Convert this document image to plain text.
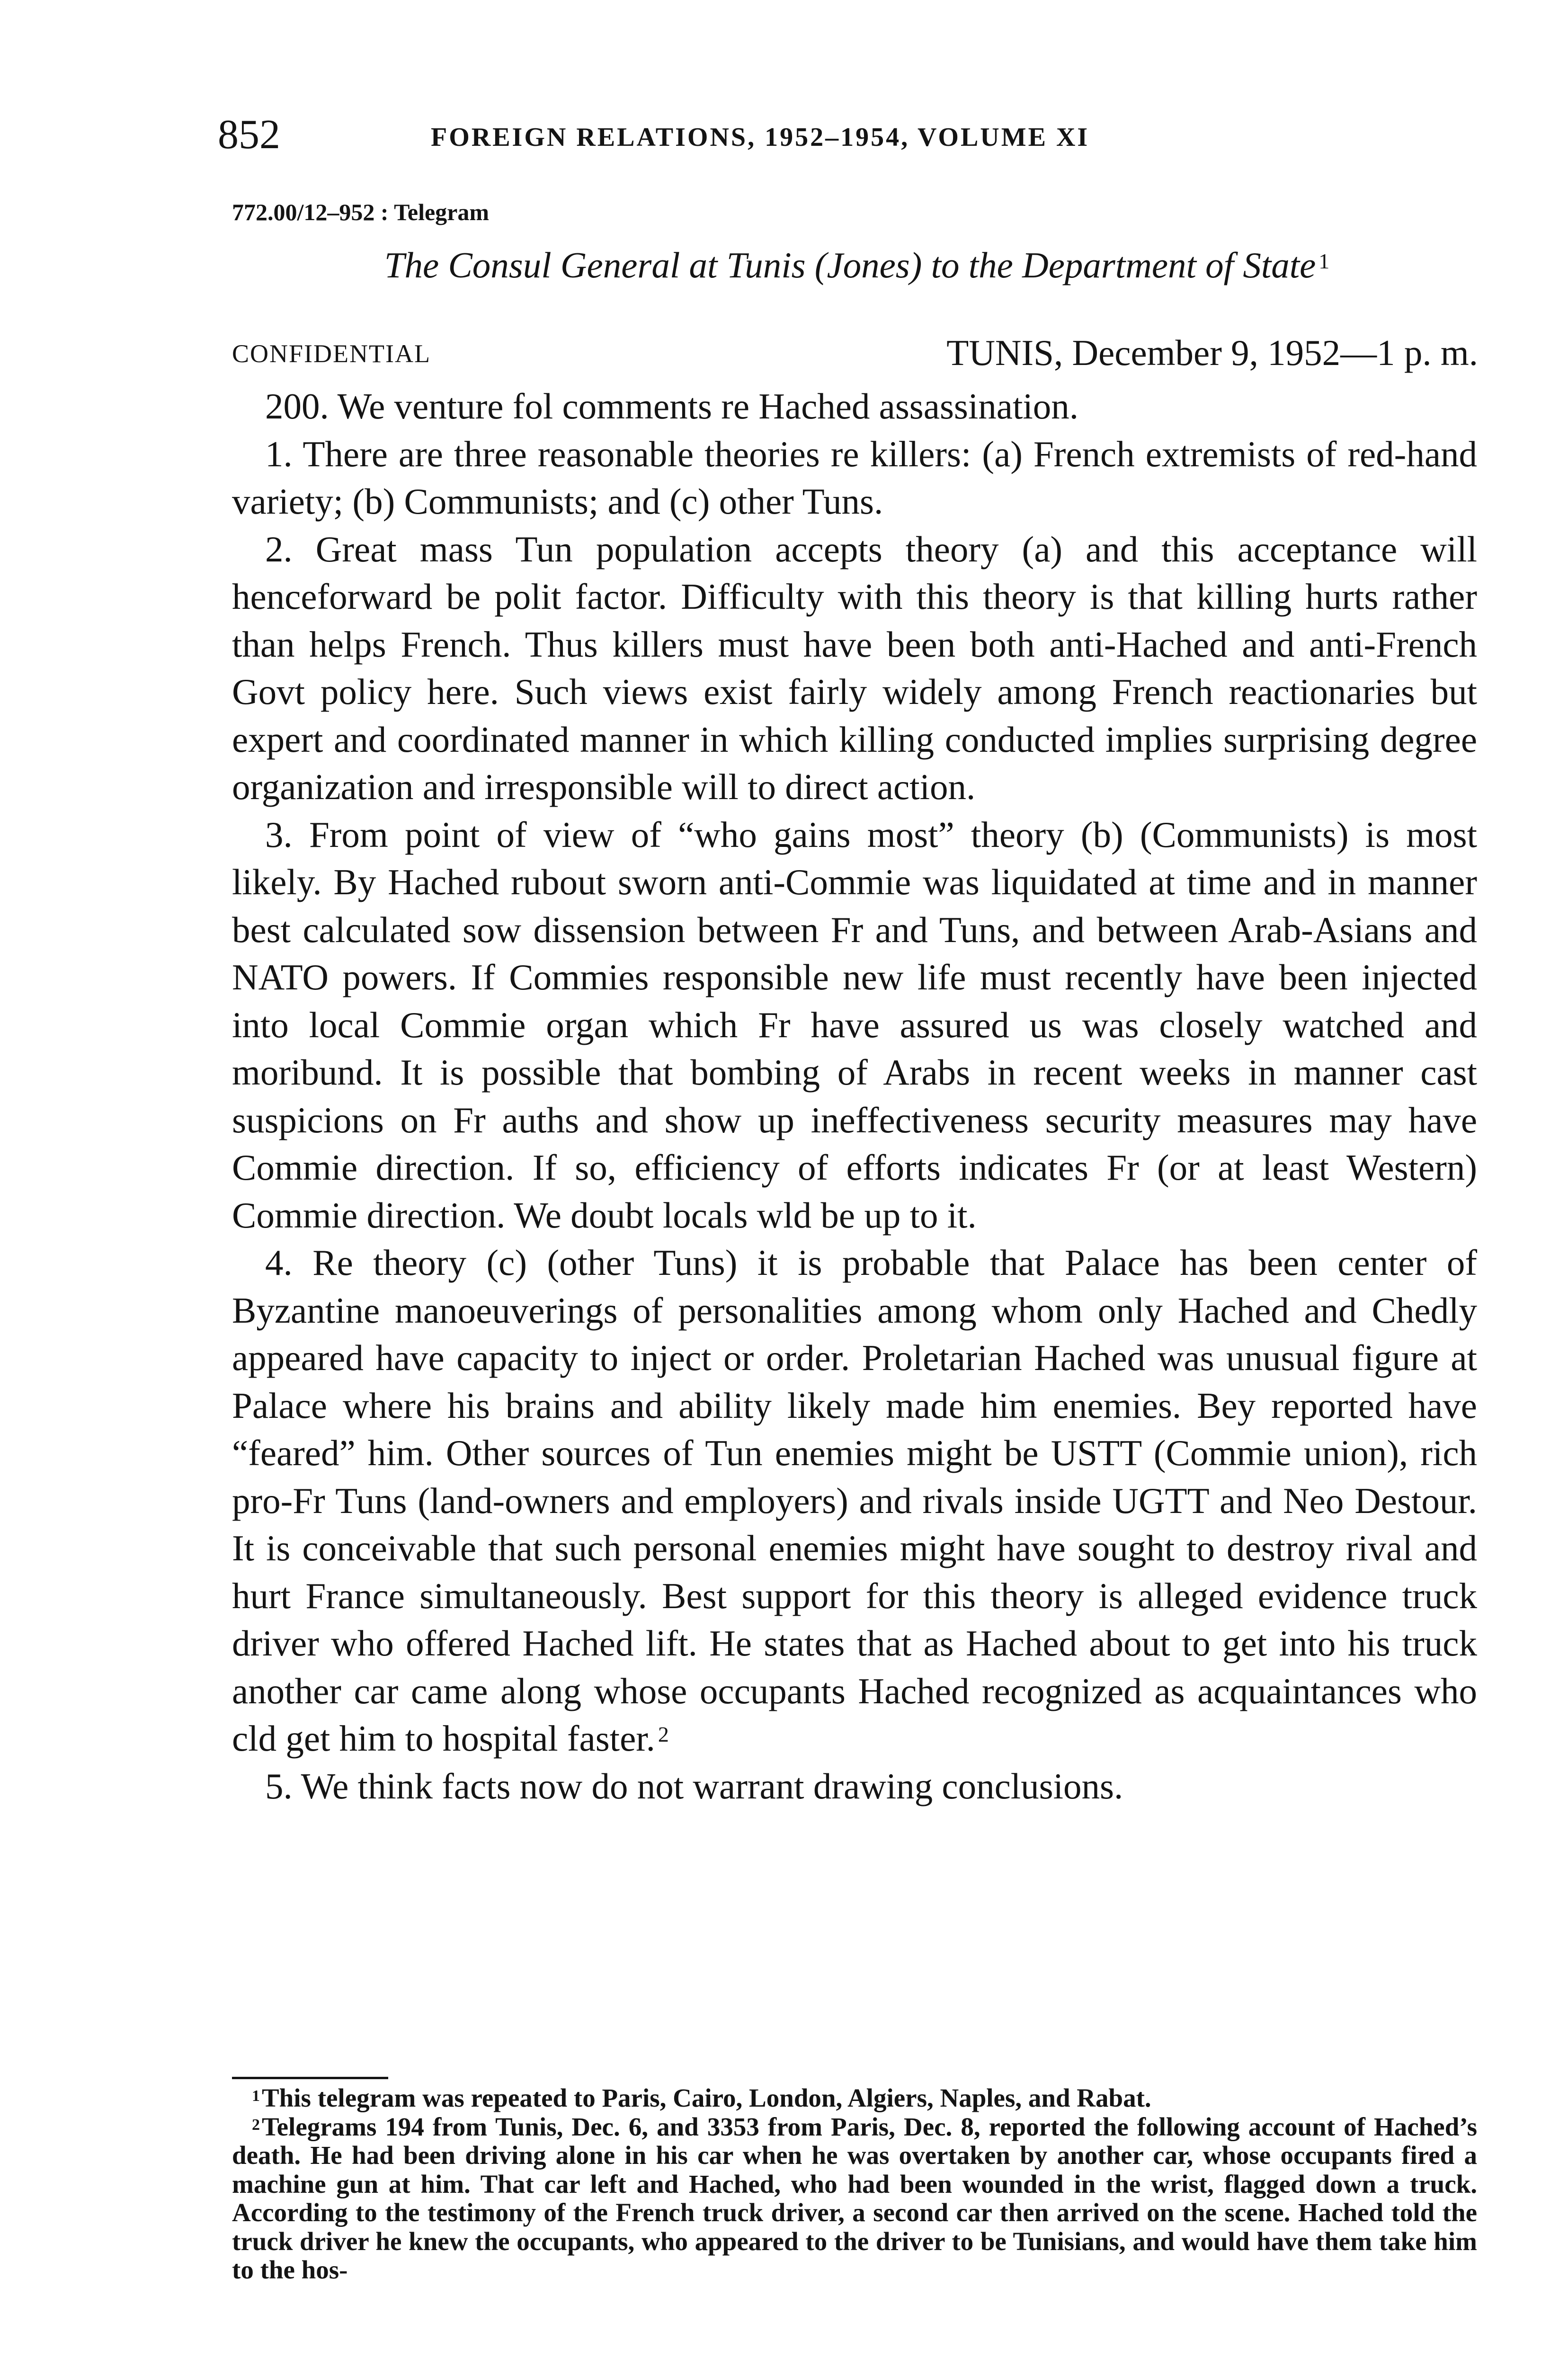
852	FOREIGN RELATIONS, 1952–1954, VOLUME XI
772.00/12–952 : Telegram
The Consul General at Tunis (Jones) to the Department of State $^1$
CONFIDENTIAL	TUNIS, December 9, 1952—1 p. m.

200. We venture fol comments re Hached assassination.

1. There are three reasonable theories re killers: (a) French extremists of red-hand variety; (b) Communists; and (c) other Tuns.

2. Great mass Tun population accepts theory (a) and this acceptance will henceforward be polit factor. Difficulty with this theory is that killing hurts rather than helps French. Thus killers must have been both anti-Hached and anti-French Govt policy here. Such views exist fairly widely among French reactionaries but expert and coordinated manner in which killing conducted implies surprising degree organization and irresponsible will to direct action.

3. From point of view of “who gains most” theory (b) (Communists) is most likely. By Hached rubout sworn anti-Commie was liquidated at time and in manner best calculated sow dissension between Fr and Tuns, and between Arab-Asians and NATO powers. If Commies responsible new life must recently have been injected into local Commie organ which Fr have assured us was closely watched and moribund. It is possible that bombing of Arabs in recent weeks in manner cast suspicions on Fr auths and show up ineffectiveness security measures may have Commie direction. If so, efficiency of efforts indicates Fr (or at least Western) Commie direction. We doubt locals wld be up to it.

4. Re theory (c) (other Tuns) it is probable that Palace has been center of Byzantine manoeuverings of personalities among whom only Hached and Chedly appeared have capacity to inject or order. Proletarian Hached was unusual figure at Palace where his brains and ability likely made him enemies. Bey reported have “feared” him. Other sources of Tun enemies might be USTT (Commie union), rich pro-Fr Tuns (land-owners and employers) and rivals inside UGTT and Neo Destour. It is conceivable that such personal enemies might have sought to destroy rival and hurt France simultaneously. Best support for this theory is alleged evidence truck driver who offered Hached lift. He states that as Hached about to get into his truck another car came along whose occupants Hached recognized as acquaintances who cld get him to hospital faster. $^2$

5. We think facts now do not warrant drawing conclusions.

$^1$This telegram was repeated to Paris, Cairo, London, Algiers, Naples, and Rabat.

$^2$Telegrams 194 from Tunis, Dec. 6, and 3353 from Paris, Dec. 8, reported the following account of Hached’s death. He had been driving alone in his car when he was overtaken by another car, whose occupants fired a machine gun at him. That car left and Hached, who had been wounded in the wrist, flagged down a truck. According to the testimony of the French truck driver, a second car then arrived on the scene. Hached told the truck driver he knew the occupants, who appeared to the driver to be Tunisians, and would have them take him to the hos-
